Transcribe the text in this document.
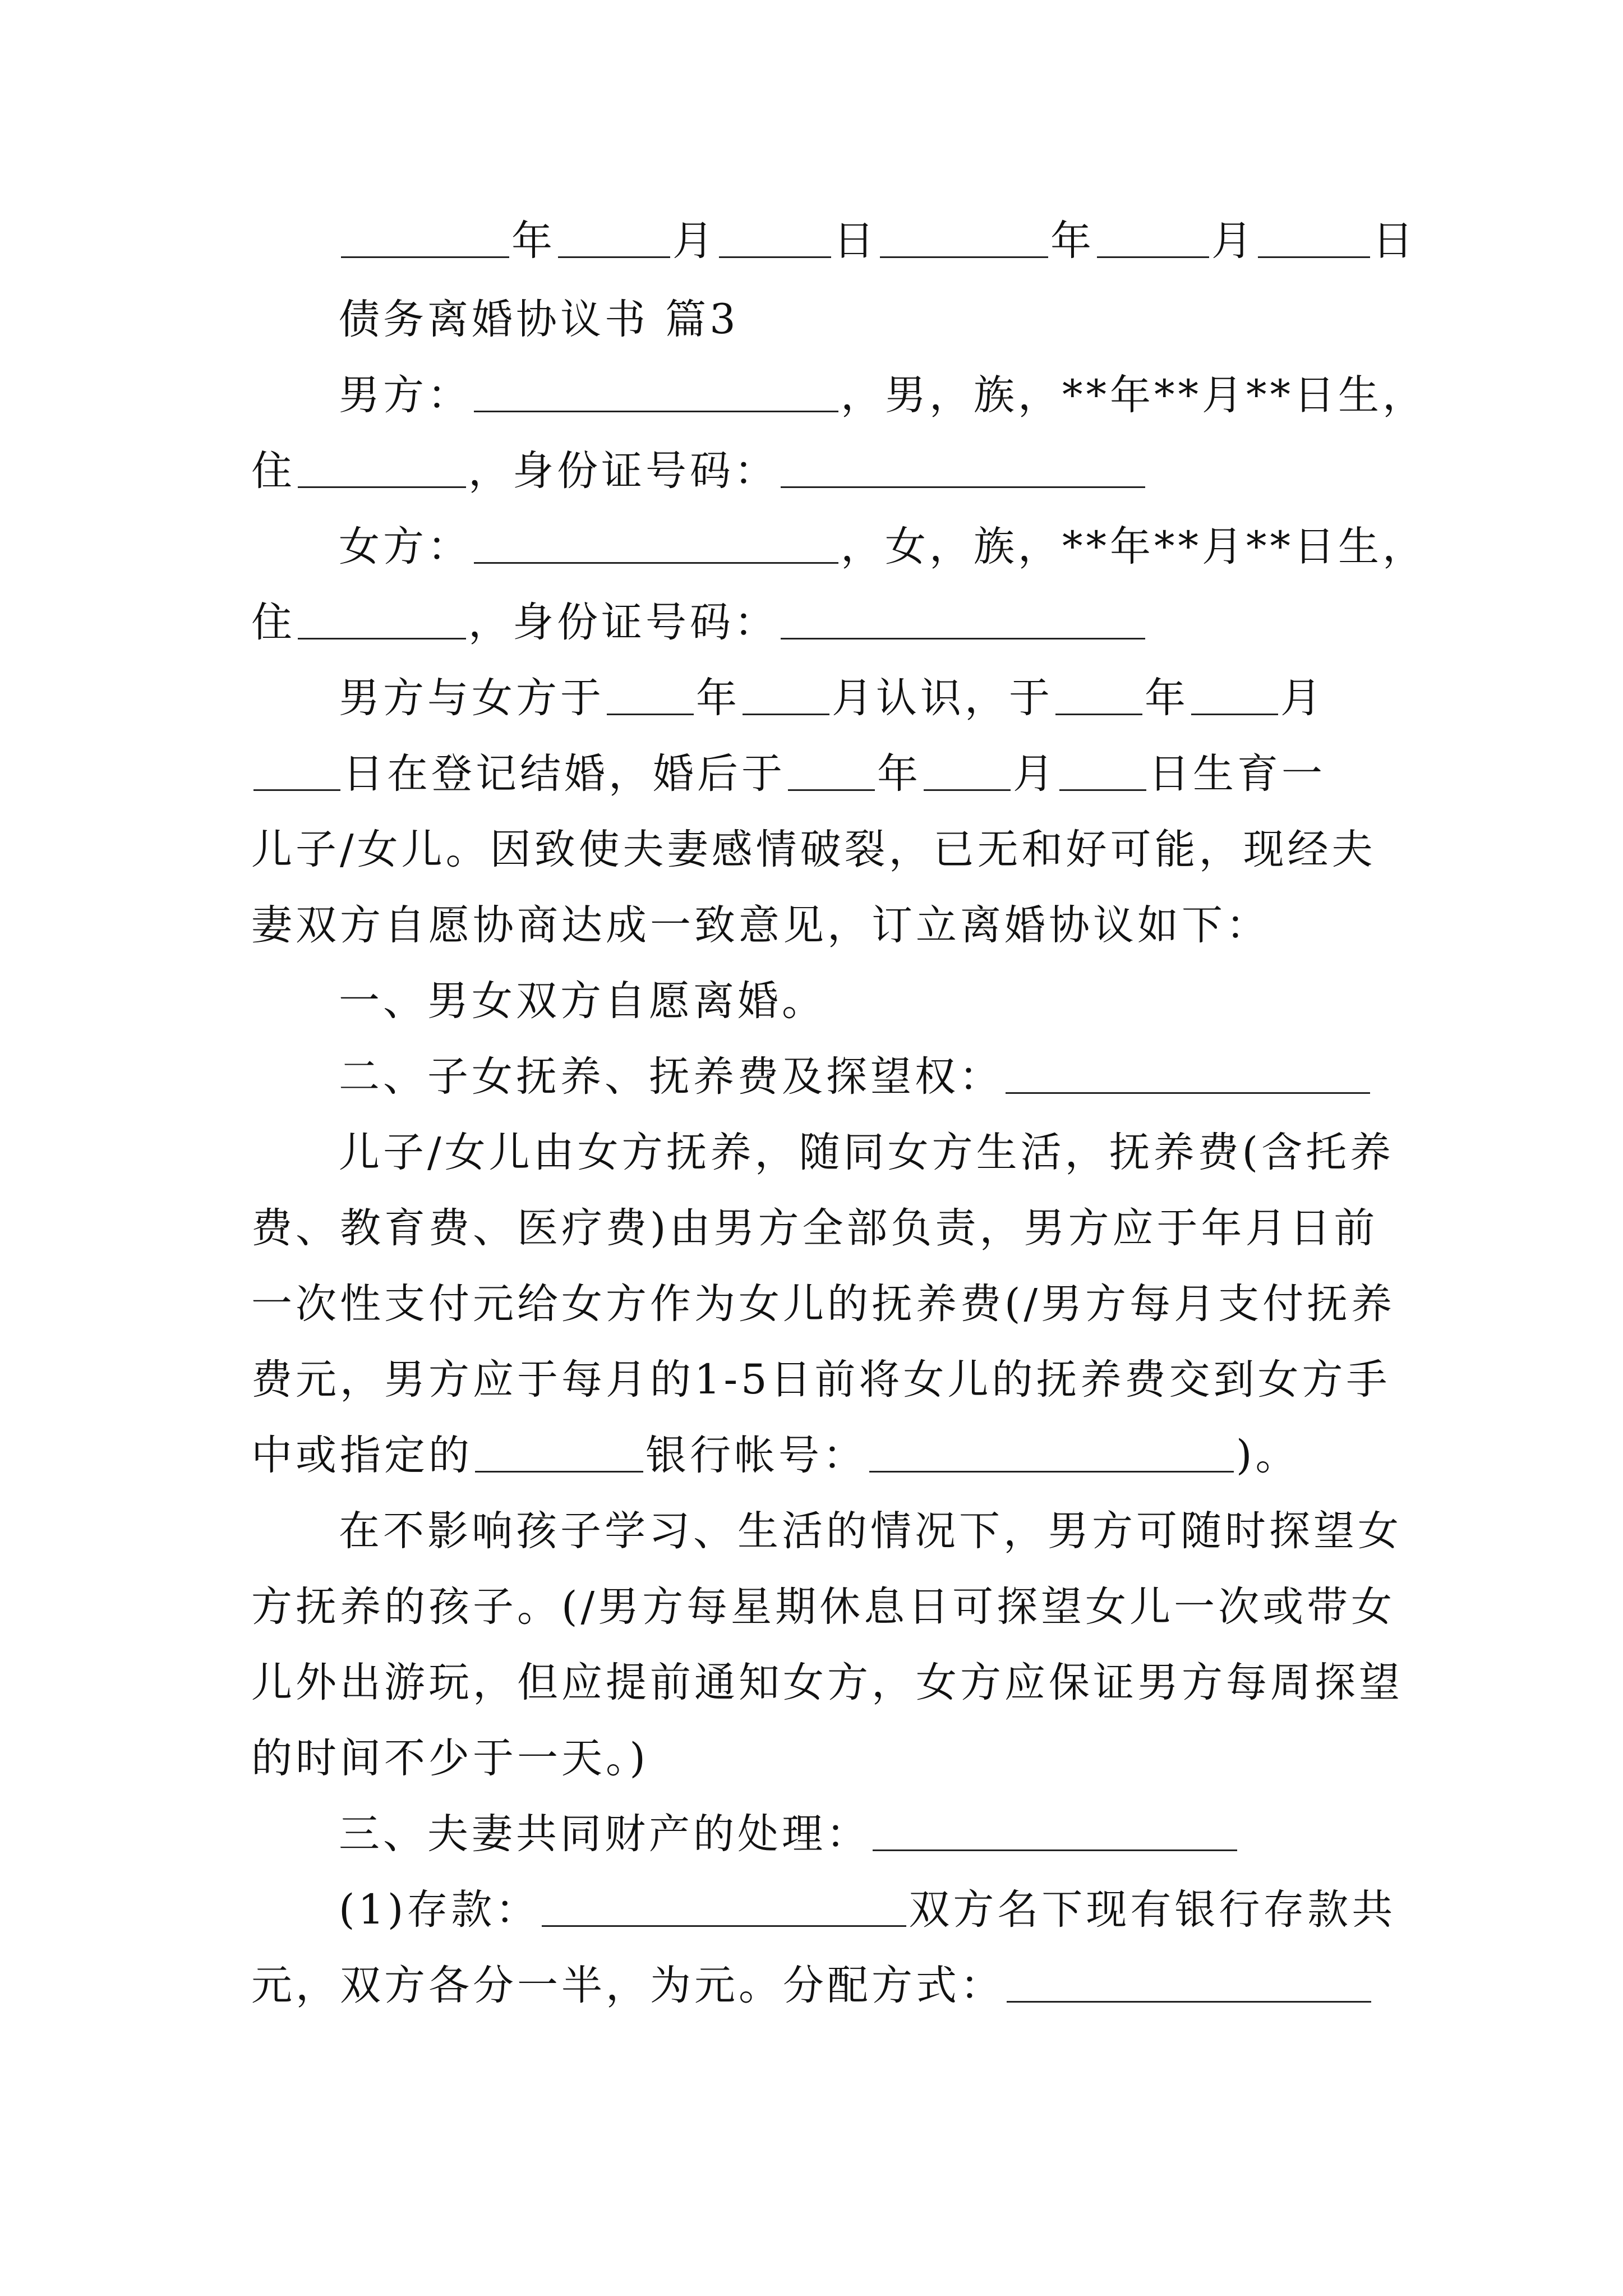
年	月	日	年	月	日
债务离婚协议书 篇3
男方：	，男，族，**年**月**日生，
住	，身份证号码：
女方：	，女，族，**年**月**日生，
住	，身份证号码：
男方与女方于 年 月认识，于 年 月
日在登记结婚，婚后于 年 月 日生育一
儿子/女儿。因致使夫妻感情破裂，已无和好可能，现经夫
妻双方自愿协商达成一致意见，订立离婚协议如下：
一、男女双方自愿离婚。
二、子女抚养、抚养费及探望权：
儿子/女儿由女方抚养，随同女方生活，抚养费(含托养
费、教育费、医疗费)由男方全部负责，男方应于年月日前
一次性支付元给女方作为女儿的抚养费(/男方每月支付抚养
费元，男方应于每月的1-5日前将女儿的抚养费交到女方手
中或指定的	银行帐号：	)。
在不影响孩子学习、生活的情况下，男方可随时探望女
方抚养的孩子。(/男方每星期休息日可探望女儿一次或带女
儿外出游玩，但应提前通知女方，女方应保证男方每周探望
的时间不少于一天。)
三、夫妻共同财产的处理：
(1)存款：	双方名下现有银行存款共
元，双方各分一半，为元。分配方式：
